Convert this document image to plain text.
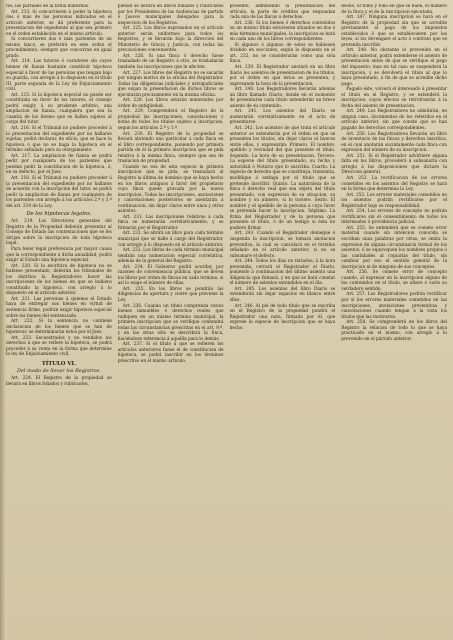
tos, las partiales de la firma maternas.

Art. 213. Si concurrieren á poder la hipoteca dos ó más de las personas indicadas en el artículo anterior, se dá preferente para la presentacion del expediente al que sea primero en el orden establecido en el mismo artículo.

Si concurrieren dos ó más parientes de un mismo lanco, se preferirá en este orden el procedimiento, siempre que concurran en igual grado.

Art. 214. Las tutores ó curadores sin cuyos bienes dé fianza bastante constituir hipoteca especial á favor de las personas que tengan bajo su guarda, con arreglo á lo dispuesto en el título III, parte segunda de la Ley de Enjuiciamiento civil.

Art. 215. Si la hipoteca especial no puede ser constituida en favor de los tutores, el consejo podrá exigir, á su prudente arbitrio, una ampliacion de fianza, cualquiera que sea la cuantía de los bienes que se hallen sujetos al cargo del tutor.

Art. 216. Si el Tribunal no pudiere proceder á la presentacion del expediente por no hallarse sujetas, podrá declarar, de oficio, que se hace la hipoteca ó que no se haga la hipoteca en el término señalado para su otorgamiento.

Art. 217. La ampliacion de fianza se podrá pedir por cualquiera de los parientes que puedan pedir la constitucion de la hipoteca, ó, en su defecto, por el Juez.

Art. 218. Si el Tribunal no pudiere proceder á la presentacion del expediente por no hallarse de acuerdo con la inscripcion del tutor, se podrá pedir la ampliacion de fianza por cualquiera de los parientes con arreglo á los artículos 2.º y 3.º del art. 219 de la Ley.

De los hipotecas legales.

Art. 219. Los Directores generales del Registro de la Propiedad deberán presentar al Consejo de Estado las contestaciones que se les dirijan sobre la inscripcion de toda hipoteca legal.

Para tener legal preferencia por mayor causa que la correspondiente á dicha anualidad, podrá exigir al Estado una hipoteca especial.

Art. 220. Si la escritura de hipoteca no se hubiese presentado, deberán los tribunales de los distritos la Registradores hacer las inscripciones de los bienes en que se hubiera constituido la hipoteca, con arreglo á lo dispuesto en el artículo anterior.

Art. 221. Las personas á quienes el Estado haya de entregar sus bienes en virtud de sentencia firme, podrán exigir hipoteca especial sobre los bienes del sentenciado.

Art. 222. Si la sentencia no contiene declaracion de los bienes que se han de hipotecar, se determinarán éstos por el Juez.

Art. 223. Secuestrados y no vendidos los derechos á que se refiere la hipoteca, se podrá proceder á su venta en la forma que determine la ley de Enjuiciamiento civil.

TÍTULO VI.
Del modo de llevar los Registros.

Art. 224. El Registro de la propiedad se llevará en libros foliados y rubricados.

piedad se llevará en libros foliados y rubricados por los Presidentes de las Audiencias de partido ó Jueces municipales delegados para la inspeccion de los Registros.

Art. 225. Los libros expresados en el artículo anterior serán uniformes para todos los Registros, y se llevarán bajo la direccion del Ministerio de Gracia y Justicia, con todas las precauciones convenientes.

Art. 226. Si una finca ó derecho fuese trasladado de un Registro á otro, se trasladarán también las inscripciones que le afecten.

Art. 227. Los libros del Registro no se sacarán por ningun motivo de la oficina del Registrador. Todas las diligencias judiciales y extrajudiciales que exijan la presentacion de dichos libros se ejecutarán precisamente en la misma oficina.

Art. 228. Los libros estarán numerados por órden de antigüedad.

Art. 229. Comprenderá el Registro de la propiedad las inscripciones, cancelaciones y notas de todos los títulos sujetos á inscripcion, segun los artículos 2.º y 3.º.

Art. 230. El Registro de la propiedad se llevará abriendo uno particular á cada finca en el libro correspondiente, poniendo por primera partida de él la primera inscripcion que se pida relativa á la misma finca, siempre que sea de traslacion de propiedad.

Cuando no sea de esta especie la primera inscripcion que se pida, se trasladará al Registro la última de dominio que se haya hecho en los libros antiguos á favor del propietario cuyo finca quede gravada por la nueva inscripcion. Todas las inscripciones, anotaciones y cancelaciones posteriores se asentarán á continuacion, sin dejar claros entre unos y otros asientos.

Art. 231. Las inscripciones relativas á cada finca se numerarán correlativamente, y se firmarán por el Registrador.

Art. 232. Se abrirá un libro para cada término municipal que se halle á cargo del Registrador, con arreglo á lo dispuesto en el artículo anterior.

Art. 233. Los libros de cada término municipal tendrán una numeracion especial correlativa, además de la general del Registro.

Art. 234. El Gobierno podrá acordar, por razones de conveniencia pública, que se lleven los libros por órden de fincas en cada término, si así lo exige el número de ellas.

Art. 235. En los libros se pondrán las diligencias de apertura y cierre que previene la Ley.

Art. 236. Cuando un título comprenda varios bienes inmuebles ó derechos reales que radiquen en un mismo término municipal, la primera inscripcion que se verifique contendrá todas las circunstancias prescritas en el art. 9.º, y en las otras sólo se describirá la finca, haciéndose referencia á aquélla para lo demás.

Art. 237. Si el título á que se refieren los artículos anteriores fuese el de constitucion de hipoteca, se podrá inscribir en los términos prescritos en el mismo artículo.

presente, admitiendo la presentacion del artículo, la parte de créditos que respondan cada una de las fincas ó derechos.

Art. 238. Si los bienes ó derechos contenidos en un mismo título estuvieren situados en dos ó más términos municipales, la inscripcion se hará en cada uno de los libros correspondientes.

Si algunos ó algunos de estos se hubiesen dividido en secciones, según lo dispuesto en el art. 232, no se considerarán como una sola finca.

Art. 239. El Registrador anotará en un libro diario los asientos de presentacion de los títulos, por el órden en que éstos se presenten, y expresando la hora de la presentacion.

Art. 240. Los Registradores llevarán además un libro llamado Diario, donde en el momento de presentarse cada título extenderán un breve asiento de su contenido.

Art. 241. Los asientos del Diario se numerarán correlativamente en el acto de presentarse.

Art. 242. Los asientos de que trata el artículo anterior se extenderán por el órden en que se presenten los títulos, sin dejar claros ni huecos entre ellos, y expresarán: Primero. El nombre, apellido y vecindad del que presente el título. Segundo. La hora de su presentacion. Tercero. La especie del título presentado, su fecha y autoridad ó Notario que lo suscriba. Cuarto. La especie de derecho que se constituya, transmita, modifique ó extinga por el título que se pretende inscribir. Quinto. La naturaleza de la finca ó derecho real que sea objeto del título presentado, con expresion de su situacion, su nombre y su número, si lo tuviere. Sexto. El nombre y el apellido de la persona á cuyo favor se pretenda hacer la inscripcion. Séptimo. La firma del Registrador y de la persona que presente el título, ó de un testigo si ésta no pudiere firmar.

Art. 243. Cuando el Registrador deniegue ó suspenda la inscripcion, se tomará anotacion preventiva, la cual se cancelará en el término señalado en el artículo anterior, si no se subsanare el defecto.

Art. 244. Todos los días no feriados, á la hora prevenida, cerrará el Registrador el Diario, poniendo á continuacion del último asiento una diligencia que firmará, y en que se hará constar el número de asientos extendidos en el día.

Art. 245. Los asientos del libro Diario se extenderán sin dejar espacios en blanco entre ellos.

Art. 246. Al pié de todo título que se inscriba en el Registro de la propiedad pondrá el Registrador una nota, firmada por él, que exprese la especie de inscripcion que se haya hecho.

hecho, el tomo y folio en que se halle, el número de la finca y el de la inscripcion ejecutada.

Art. 247. Ninguna inscripcion se hará en el Registro de la propiedad sin que se acredite previamente el pago de los impuestos establecidos ó que se establecieren por las leyes, si los devengare el acto ó contrato que se pretenda inscribir.

Art. 248. No obstante lo prevenido en el artículo anterior, podrá extenderse el asiento de presentacion antes de que se verifique el pago del impuesto; mas en tal caso se suspenderá la inscripcion, y se devolverá el título al que lo haya presentado, á fin de que se acredite dicho pago.

Pagado éste, volverá el interesado á presentar el título en el Registro, y se extenderá la inscripcion, cuyos efectos se retrotraerán á la fecha del asiento de presentacion.

Art. 249. Los Registradores no admitirán, en ningun caso, documentos de los referidos en el artículo anterior, sin que conste que se han pagado los derechos correspondientes.

Art. 250. Los Registradores llevarán un libro de inventario de las fincas y derechos inscritos, en el cual anotarán sucintamente cada finca con expresion del número de su inscripcion.

Art. 251. Si el Registrador advirtiere alguna falta en los libros, procederá á subsanarla con arreglo á las disposiciones que dictare la Direccion general.

Art. 252. La rectificacion de los errores cometidos en los asientos del Registro se hará en la forma que determina la Ley.

Art. 253. Los errores materiales cometidos en los asientos podrán rectificarse por el Registrador bajo su responsabilidad.

Art. 254. Los errores de concepto no podrán rectificarse sin el consentimiento de todos los interesados ó providencia judicial.

Art. 255. Se entenderá que se comete error material cuando sin intencion conocida se escriban unas palabras por otras, se omita la expresion de alguna circunstancia formal de los asientos, ó se equivoquen los nombres propios ó las cantidades al copiarlas del título, sin cambiar por eso el sentido general de la inscripcion ni de ninguno de sus conceptos.

Art. 256. Se comete error de concepto cuando, al expresar en la inscripcion alguno de los contenidos en el título, se altere ó varíe su verdadero sentido.

Art. 257. Los Registradores podrán rectificar por sí los errores materiales cometidos en las inscripciones, anotaciones preventivas y cancelaciones cuando tengan á la vista los títulos que las motivaron.

Art. 258. Se comprenderá en los libros del Registro la relacion de todo lo que se haya practicado en el mismo, con arreglo á lo prevenido en el párrafo anterior.
